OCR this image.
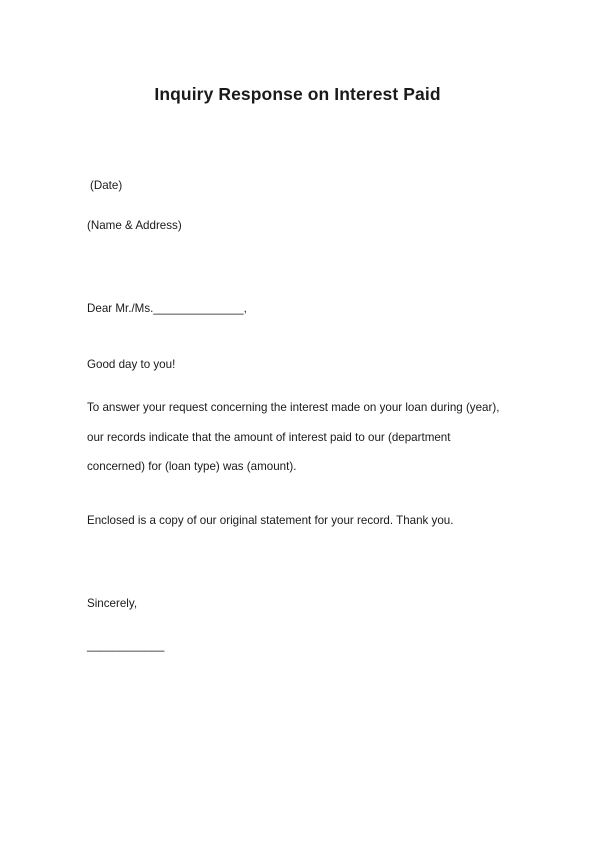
Inquiry Response on Interest Paid

(Date)

(Name & Address)

Dear Mr./Ms.______________,

Good day to you!

To answer your request concerning the interest made on your loan during (year),

our records indicate that the amount of interest paid to our (department

concerned) for (loan type) was (amount).

Enclosed is a copy of our original statement for your record. Thank you.

Sincerely,

____________
